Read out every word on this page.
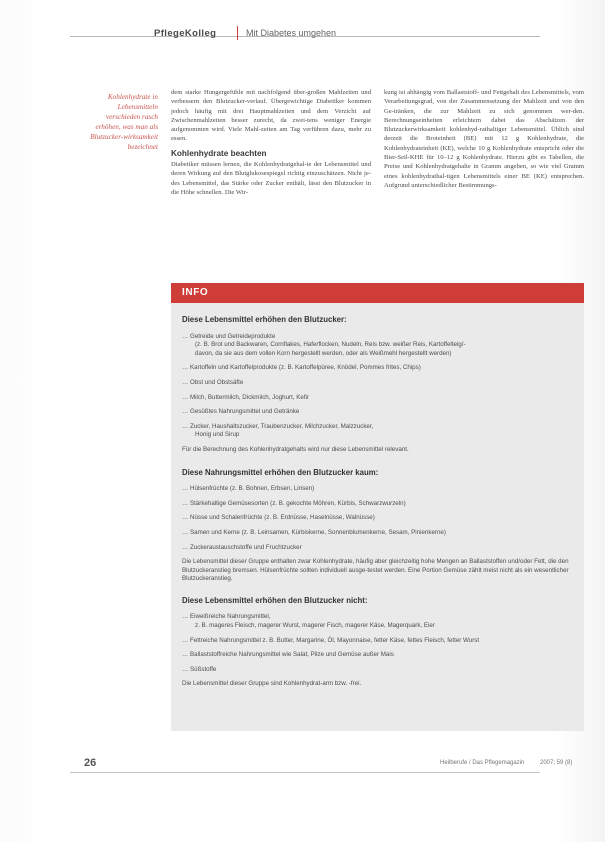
PflegeKolleg	Mit Diabetes umgehen
Kohlenhydrate in Lebensmitteln verschieden rasch erhöhen, was man als Blutzucker-wirksamkeit bezeichnet

dem starke Hungergefühle mit nachfolgend über-großen Mahlzeiten und verbessern den Blutzucker-verlauf. Übergewichtige Diabetiker kommen jedoch häufig mit drei Hauptmahlzeiten und dem Verzicht auf Zwischenmahlzeiten besser zurecht, da zwei-tens weniger Energie aufgenommen wird. Viele Mahl-zeiten am Tag verführen dazu, mehr zu essen.

Kohlenhydrate beachten

Diabetiker müssen lernen, die Kohlenhydratgehal-te der Lebensmittel und deren Wirkung auf den Blutglukosespiegel richtig einzuschätzen. Nicht je-des Lebensmittel, das Stärke oder Zucker enthält, lässt den Blutzucker in die Höhe schnellen. Die Wir-

kung ist abhängig vom Ballaststoff- und Fettgehalt des Lebensmittels, vom Verarbeitungsgrad, von der Zusammensetzung der Mahlzeit und von den Ge-tränken, die zur Mahlzeit zu sich genommen wer-den. Berechnungseinheiten erleichtern dabei das Abschätzen der Blutzuckerwirksamkeit kohlenhyd-rathaltiger Lebensmittel. Üblich sind derzeit die Broteinheit (BE) mit 12 g Kohlenhydrate, die Kohlenhydrateinheit (KE), welche 10 g Kohlenhydrate entspricht oder die Bier-Seil-KHE für 10–12 g Kohlenhydrate. Hierzu gibt es Tabellen, die Preise und Kohlenhydratgehalte in Gramm angeben, so wie viel Gramm eines kohlenhydrathal-tigen Lebensmittels einer BE (KE) entsprechen. Aufgrund unterschiedlicher Bestimmungs-

INFO
Diese Lebensmittel erhöhen den Blutzucker:
… Getreide und Getreideprodukte
(z. B. Brot und Backwaren, Cornflakes, Haferflocken, Nudeln, Reis bzw. weißer Reis, Kartoffelteig/-
davon, da sie aus dem vollen Korn hergestellt werden, oder als Weißmehl hergestellt werden)
… Kartoffeln und Kartoffelprodukte (z. B. Kartoffelpüree, Knödel, Pommes frites, Chips)
… Obst und Obstsäfte
… Milch, Buttermilch, Dickmilch, Joghurt, Kefir
… Gesüßtes Nahrungsmittel und Getränke
… Zucker, Haushaltszucker, Traubenzucker, Milchzucker, Malzzucker,
Honig und Sirup
Für die Berechnung des Kohlenhydratgehalts wird nur diese Lebensmittel relevant.
Diese Nahrungsmittel erhöhen den Blutzucker kaum:
… Hülsenfrüchte (z. B. Bohnen, Erbsen, Linsen)
… Stärkehaltige Gemüsesorten (z. B. gekochte Möhren, Kürbis, Schwarzwurzeln)
… Nüsse und Schalenfrüchte (z. B. Erdnüsse, Haselnüsse, Walnüsse)
… Samen und Kerne (z. B. Leinsamen, Kürbiskerne, Sonnenblumenkerne, Sesam, Pinienkerne)
… Zuckeraustauschstoffe und Fruchtzucker
Die Lebensmittel dieser Gruppe enthalten zwar Kohlenhydrate, häufig aber gleichzeitig hohe Mengen an Ballaststoffen und/oder Fett, die den Blutzuckeranstieg bremsen. Hülsenfrüchte sollten individuell ausge-testet werden. Eine Portion Gemüse zählt meist nicht als ein wesentlicher Blutzuckeranstieg.
Diese Lebensmittel erhöhen den Blutzucker nicht:
… Eiweißreiche Nahrungsmittel,
z. B. mageres Fleisch, magerer Wurst, magerer Fisch, magerer Käse, Magerquark, Eier
… Fettreiche Nahrungsmittel z. B. Butter, Margarine, Öl, Mayonnaise, fetter Käse, fettes Fleisch, fetter Wurst
… Ballaststoffreiche Nahrungsmittel wie Salat, Pilze und Gemüse außer Mais
… Süßstoffe
Die Lebensmittel dieser Gruppe sind Kohlenhydrat-arm bzw. -frei.
26	Heilberufe / Das Pflegemagazin	2007; 59 (8)
